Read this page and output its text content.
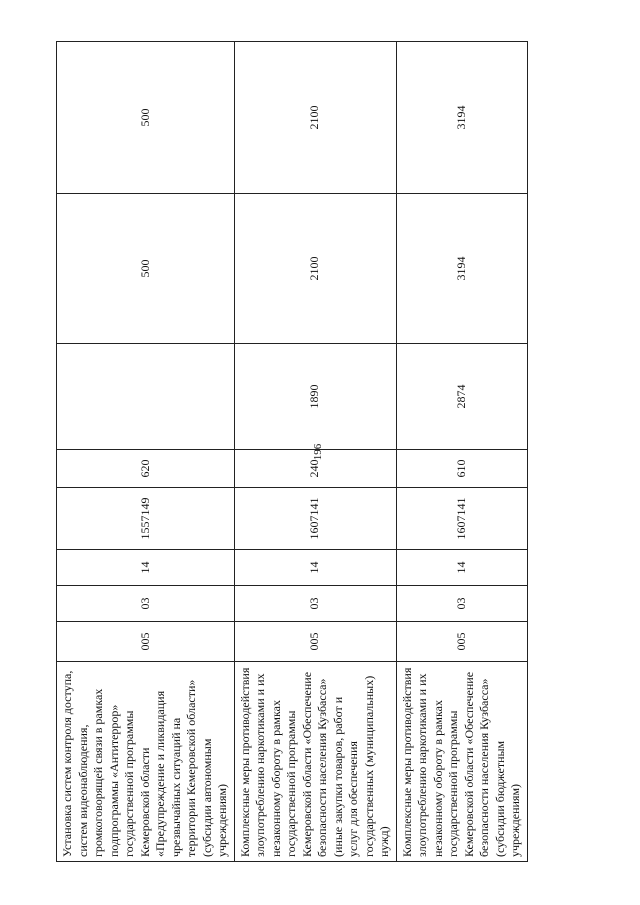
196
Установка систем контроля доступа, систем видеонаблюдения, громкоговорящей связи в рамках подпрограммы «Антитеррор» государственной программы Кемеровской области «Предупреждение и ликвидация чрезвычайных ситуаций на территории Кемеровской области» (субсидии автономным учреждениям)	005	03	14	1557149	620		500	500
Комплексные меры противодействия злоупотреблению наркотиками и их незаконному обороту в рамках государственной программы Кемеровской области «Обеспечение безопасности населения Кузбасса» (иные закупки товаров, работ и услуг для обеспечения государственных (муниципальных) нужд)	005	03	14	1607141	240	1890	2100	2100
Комплексные меры противодействия злоупотреблению наркотиками и их незаконному обороту в рамках государственной программы Кемеровской области «Обеспечение безопасности населения Кузбасса» (субсидии бюджетным учреждениям)	005	03	14	1607141	610	2874	3194	3194
